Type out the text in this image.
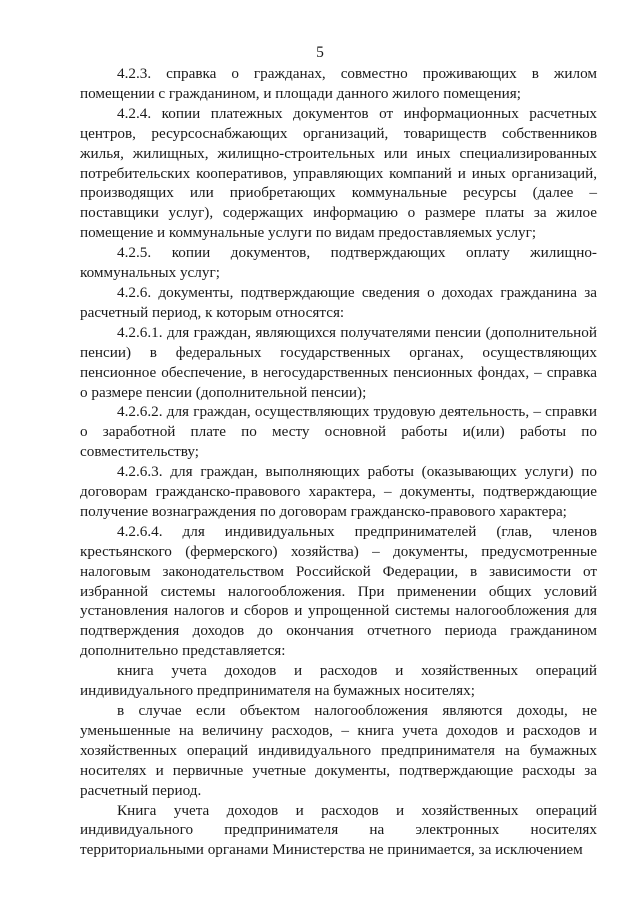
5

4.2.3. справка о гражданах, совместно проживающих в жилом помещении с гражданином, и площади данного жилого помещения;

4.2.4. копии платежных документов от информационных расчетных центров, ресурсоснабжающих организаций, товариществ собственников жилья, жилищных, жилищно-строительных или иных специализированных потребительских кооперативов, управляющих компаний и иных организаций, производящих или приобретающих коммунальные ресурсы (далее – поставщики услуг), содержащих информацию о размере платы за жилое помещение и коммунальные услуги по видам предоставляемых услуг;

4.2.5. копии документов, подтверждающих оплату жилищно-коммунальных услуг;

4.2.6. документы, подтверждающие сведения о доходах гражданина за расчетный период, к которым относятся:

4.2.6.1. для граждан, являющихся получателями пенсии (дополнительной пенсии) в федеральных государственных органах, осуществляющих пенсионное обеспечение, в негосударственных пенсионных фондах, – справка о размере пенсии (дополнительной пенсии);

4.2.6.2. для граждан, осуществляющих трудовую деятельность, – справки о заработной плате по месту основной работы и(или) работы по совместительству;

4.2.6.3. для граждан, выполняющих работы (оказывающих услуги) по договорам гражданско-правового характера, – документы, подтверждающие получение вознаграждения по договорам гражданско-правового характера;

4.2.6.4. для индивидуальных предпринимателей (глав, членов крестьянского (фермерского) хозяйства) – документы, предусмотренные налоговым законодательством Российской Федерации, в зависимости от избранной системы налогообложения. При применении общих условий установления налогов и сборов и упрощенной системы налогообложения для подтверждения доходов до окончания отчетного периода гражданином дополнительно представляется:

книга учета доходов и расходов и хозяйственных операций индивидуального предпринимателя на бумажных носителях;

в случае если объектом налогообложения являются доходы, не уменьшенные на величину расходов, – книга учета доходов и расходов и хозяйственных операций индивидуального предпринимателя на бумажных носителях и первичные учетные документы, подтверждающие расходы за расчетный период.

Книга учета доходов и расходов и хозяйственных операций индивидуального предпринимателя на электронных носителях территориальными органами Министерства не принимается, за исключением
